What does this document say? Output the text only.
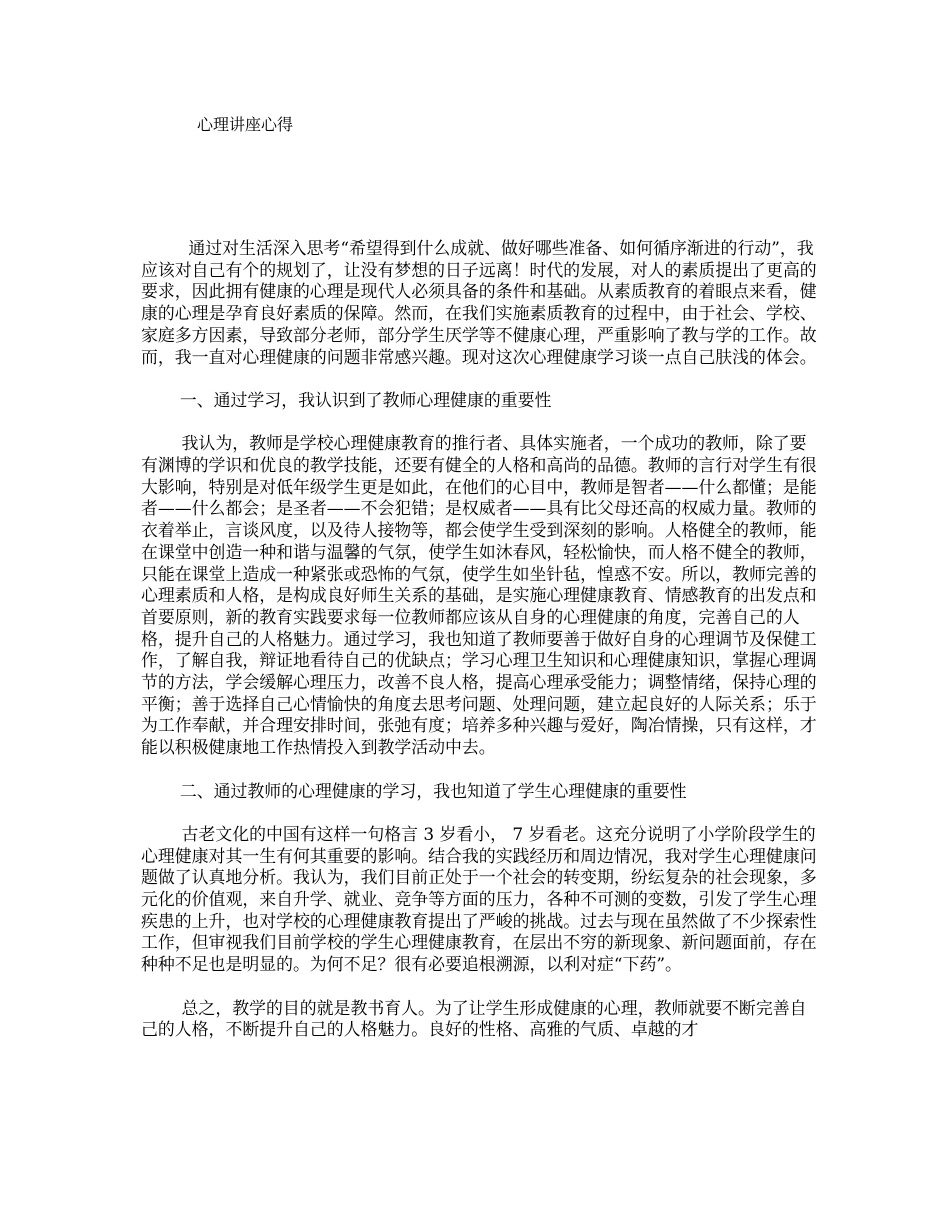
心理讲座心得

通过对生活深入思考“希望得到什么成就、做好哪些准备、如何循序渐进的行动”，我应该对自己有个的规划了，让没有梦想的日子远离！时代的发展，对人的素质提出了更高的要求，因此拥有健康的心理是现代人必须具备的条件和基础。从素质教育的着眼点来看，健康的心理是孕育良好素质的保障。然而，在我们实施素质教育的过程中，由于社会、学校、家庭多方因素，导致部分老师，部分学生厌学等不健康心理，严重影响了教与学的工作。故而，我一直对心理健康的问题非常感兴趣。现对这次心理健康学习谈一点自己肤浅的体会。

一、通过学习，我认识到了教师心理健康的重要性

我认为，教师是学校心理健康教育的推行者、具体实施者，一个成功的教师，除了要有渊博的学识和优良的教学技能，还要有健全的人格和高尚的品德。教师的言行对学生有很大影响，特别是对低年级学生更是如此，在他们的心目中，教师是智者——什么都懂；是能者——什么都会；是圣者——不会犯错；是权威者——具有比父母还高的权威力量。教师的衣着举止，言谈风度，以及待人接物等，都会使学生受到深刻的影响。人格健全的教师，能在课堂中创造一种和谐与温馨的气氛，使学生如沐春风，轻松愉快，而人格不健全的教师，只能在课堂上造成一种紧张或恐怖的气氛，使学生如坐针毡，惶惑不安。所以，教师完善的心理素质和人格，是构成良好师生关系的基础，是实施心理健康教育、情感教育的出发点和首要原则，新的教育实践要求每一位教师都应该从自身的心理健康的角度，完善自己的人格，提升自己的人格魅力。通过学习，我也知道了教师要善于做好自身的心理调节及保健工作，了解自我，辩证地看待自己的优缺点；学习心理卫生知识和心理健康知识，掌握心理调节的方法，学会缓解心理压力，改善不良人格，提高心理承受能力；调整情绪，保持心理的平衡；善于选择自己心情愉快的角度去思考问题、处理问题，建立起良好的人际关系；乐于为工作奉献，并合理安排时间，张弛有度；培养多种兴趣与爱好，陶冶情操，只有这样，才能以积极健康地工作热情投入到教学活动中去。

二、通过教师的心理健康的学习，我也知道了学生心理健康的重要性

古老文化的中国有这样一句格言 3 岁看小， 7 岁看老。这充分说明了小学阶段学生的心理健康对其一生有何其重要的影响。结合我的实践经历和周边情况，我对学生心理健康问题做了认真地分析。我认为，我们目前正处于一个社会的转变期，纷纭复杂的社会现象，多元化的价值观，来自升学、就业、竞争等方面的压力，各种不可测的变数，引发了学生心理疾患的上升，也对学校的心理健康教育提出了严峻的挑战。过去与现在虽然做了不少探索性工作，但审视我们目前学校的学生心理健康教育，在层出不穷的新现象、新问题面前，存在种种不足也是明显的。为何不足？很有必要追根溯源，以利对症“下药”。

总之，教学的目的就是教书育人。为了让学生形成健康的心理，教师就要不断完善自己的人格，不断提升自己的人格魅力。良好的性格、高雅的气质、卓越的才
